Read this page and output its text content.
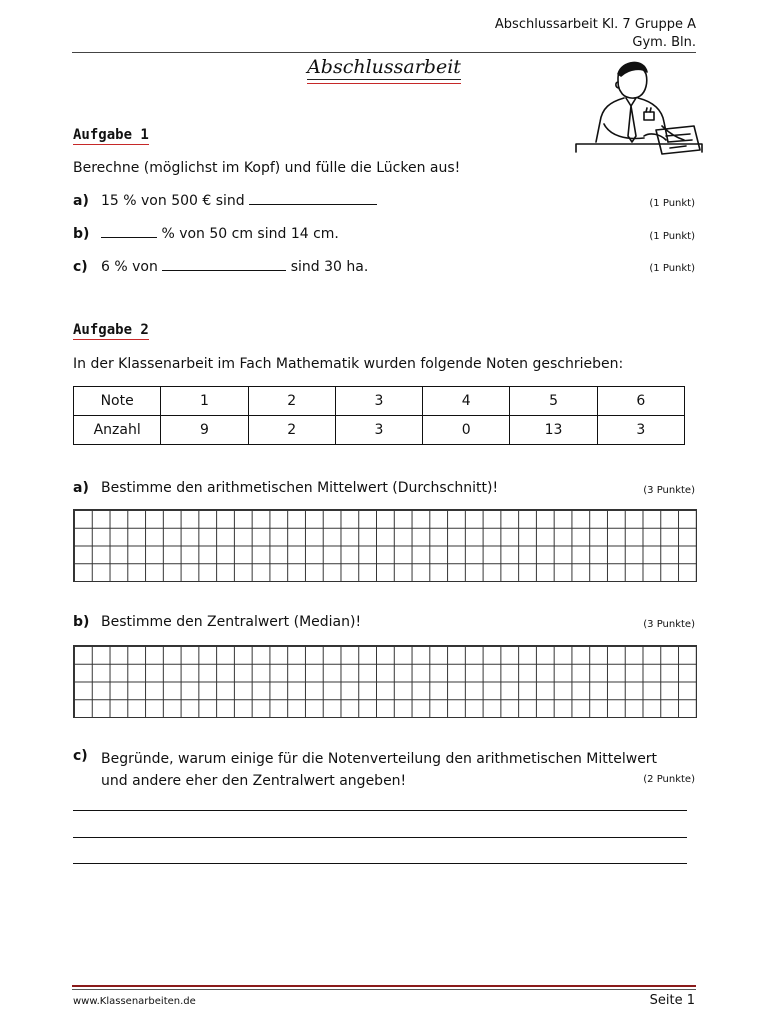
Abschlussarbeit Kl. 7 Gruppe A
Gym. Bln.
Abschlussarbeit
Aufgabe 1
Berechne (möglichst im Kopf) und fülle die Lücken aus!
a) 15 % von 500 € sind	(1 Punkt)
b)	% von 50 cm sind 14 cm.	(1 Punkt)
c) 6 % von	sind 30 ha.	(1 Punkt)
Aufgabe 2
In der Klassenarbeit im Fach Mathematik wurden folgende Noten geschrieben:
Note	1	2	3	4	5	6
Anzahl	9	2	3	0	13	3
a) Bestimme den arithmetischen Mittelwert (Durchschnitt)!	(3 Punkte)
b) Bestimme den Zentralwert (Median)!	(3 Punkte)
c) Begründe, warum einige für die Notenverteilung den arithmetischen Mittelwert
und andere eher den Zentralwert angeben!	(2 Punkte)
www.Klassenarbeiten.de	Seite 1
